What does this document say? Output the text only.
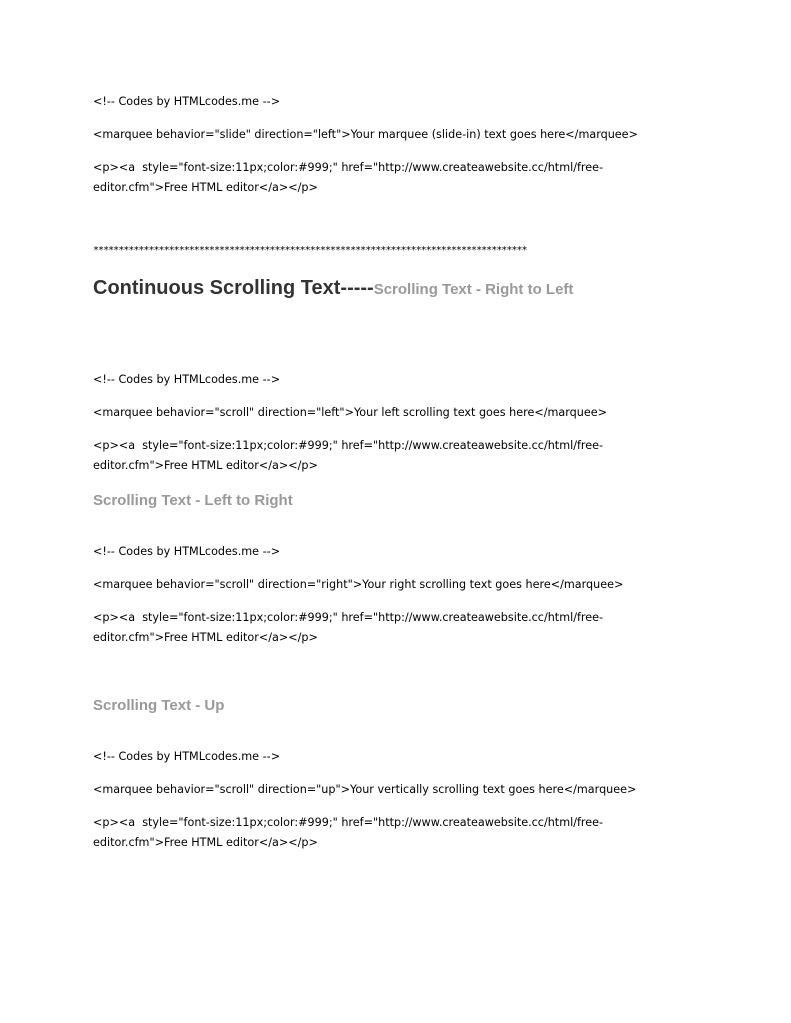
<!-- Codes by HTMLcodes.me -->
<marquee behavior="slide" direction="left">Your marquee (slide-in) text goes here</marquee>
<p><a  style="font-size:11px;color:#999;" href="http://www.createawebsite.cc/html/free-
editor.cfm">Free HTML editor</a></p>
**************************************************************************************
Continuous Scrolling Text-----Scrolling Text - Right to Left
<!-- Codes by HTMLcodes.me -->
<marquee behavior="scroll" direction="left">Your left scrolling text goes here</marquee>
<p><a  style="font-size:11px;color:#999;" href="http://www.createawebsite.cc/html/free-
editor.cfm">Free HTML editor</a></p>
Scrolling Text - Left to Right
<!-- Codes by HTMLcodes.me -->
<marquee behavior="scroll" direction="right">Your right scrolling text goes here</marquee>
<p><a  style="font-size:11px;color:#999;" href="http://www.createawebsite.cc/html/free-
editor.cfm">Free HTML editor</a></p>
Scrolling Text - Up
<!-- Codes by HTMLcodes.me -->
<marquee behavior="scroll" direction="up">Your vertically scrolling text goes here</marquee>
<p><a  style="font-size:11px;color:#999;" href="http://www.createawebsite.cc/html/free-
editor.cfm">Free HTML editor</a></p>
